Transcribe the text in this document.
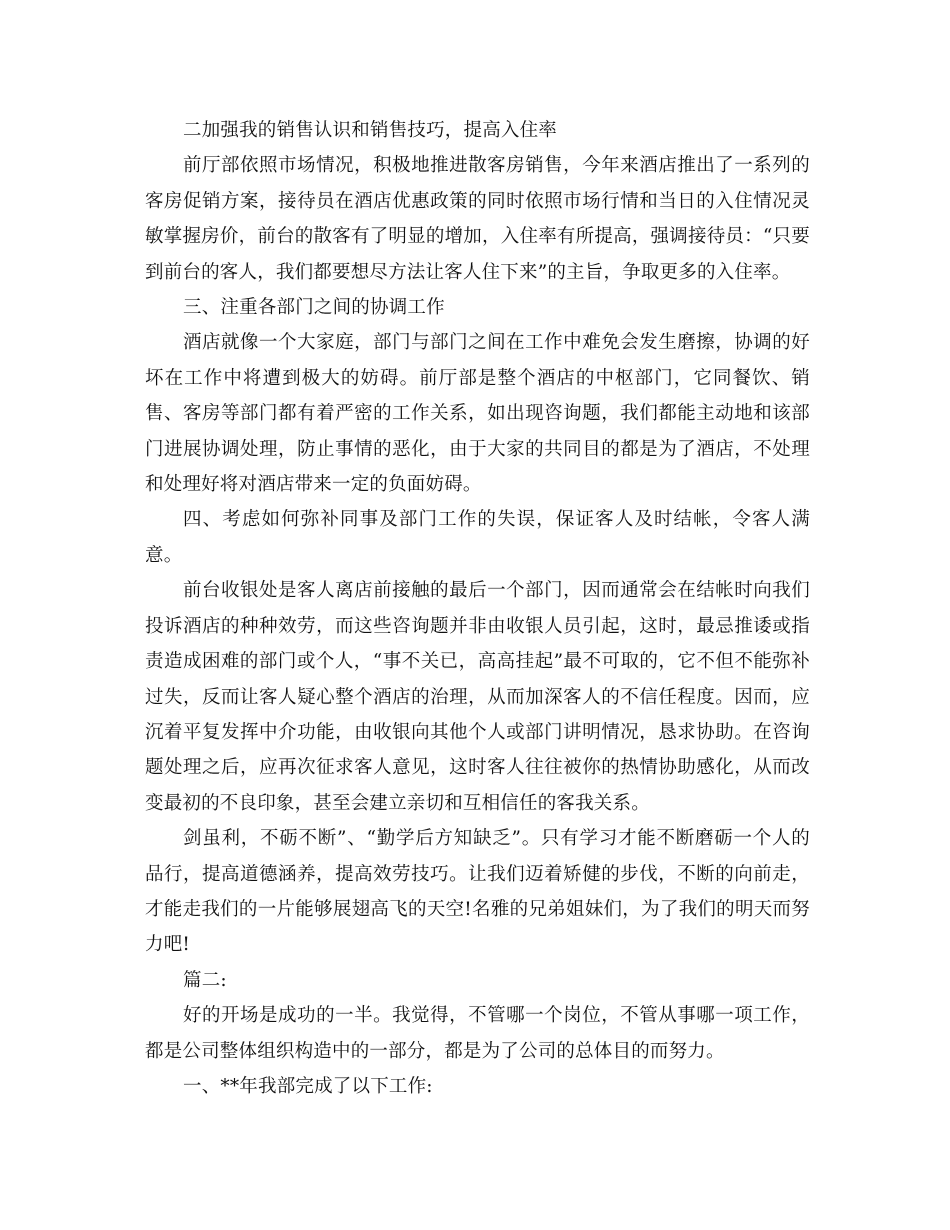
二加强我的销售认识和销售技巧，提高入住率

前厅部依照市场情况，积极地推进散客房销售，今年来酒店推出了一系列的客房促销方案，接待员在酒店优惠政策的同时依照市场行情和当日的入住情况灵敏掌握房价，前台的散客有了明显的增加，入住率有所提高，强调接待员：“只要到前台的客人，我们都要想尽方法让客人住下来”的主旨，争取更多的入住率。

三、注重各部门之间的协调工作

酒店就像一个大家庭，部门与部门之间在工作中难免会发生磨擦，协调的好坏在工作中将遭到极大的妨碍。前厅部是整个酒店的中枢部门，它同餐饮、销售、客房等部门都有着严密的工作关系，如出现咨询题，我们都能主动地和该部门进展协调处理，防止事情的恶化，由于大家的共同目的都是为了酒店，不处理和处理好将对酒店带来一定的负面妨碍。

四、考虑如何弥补同事及部门工作的失误，保证客人及时结帐，令客人满意。

前台收银处是客人离店前接触的最后一个部门，因而通常会在结帐时向我们投诉酒店的种种效劳，而这些咨询题并非由收银人员引起，这时，最忌推诿或指责造成困难的部门或个人，“事不关已，高高挂起”最不可取的，它不但不能弥补过失，反而让客人疑心整个酒店的治理，从而加深客人的不信任程度。因而，应沉着平复发挥中介功能，由收银向其他个人或部门讲明情况，恳求协助。在咨询题处理之后，应再次征求客人意见，这时客人往往被你的热情协助感化，从而改变最初的不良印象，甚至会建立亲切和互相信任的客我关系。

剑虽利，不砺不断”、“勤学后方知缺乏”。只有学习才能不断磨砺一个人的品行，提高道德涵养，提高效劳技巧。让我们迈着矫健的步伐，不断的向前走，才能走我们的一片能够展翅高飞的天空!名雅的兄弟姐妹们，为了我们的明天而努力吧!

篇二:

好的开场是成功的一半。我觉得，不管哪一个岗位，不管从事哪一项工作，都是公司整体组织构造中的一部分，都是为了公司的总体目的而努力。

一、**年我部完成了以下工作:
